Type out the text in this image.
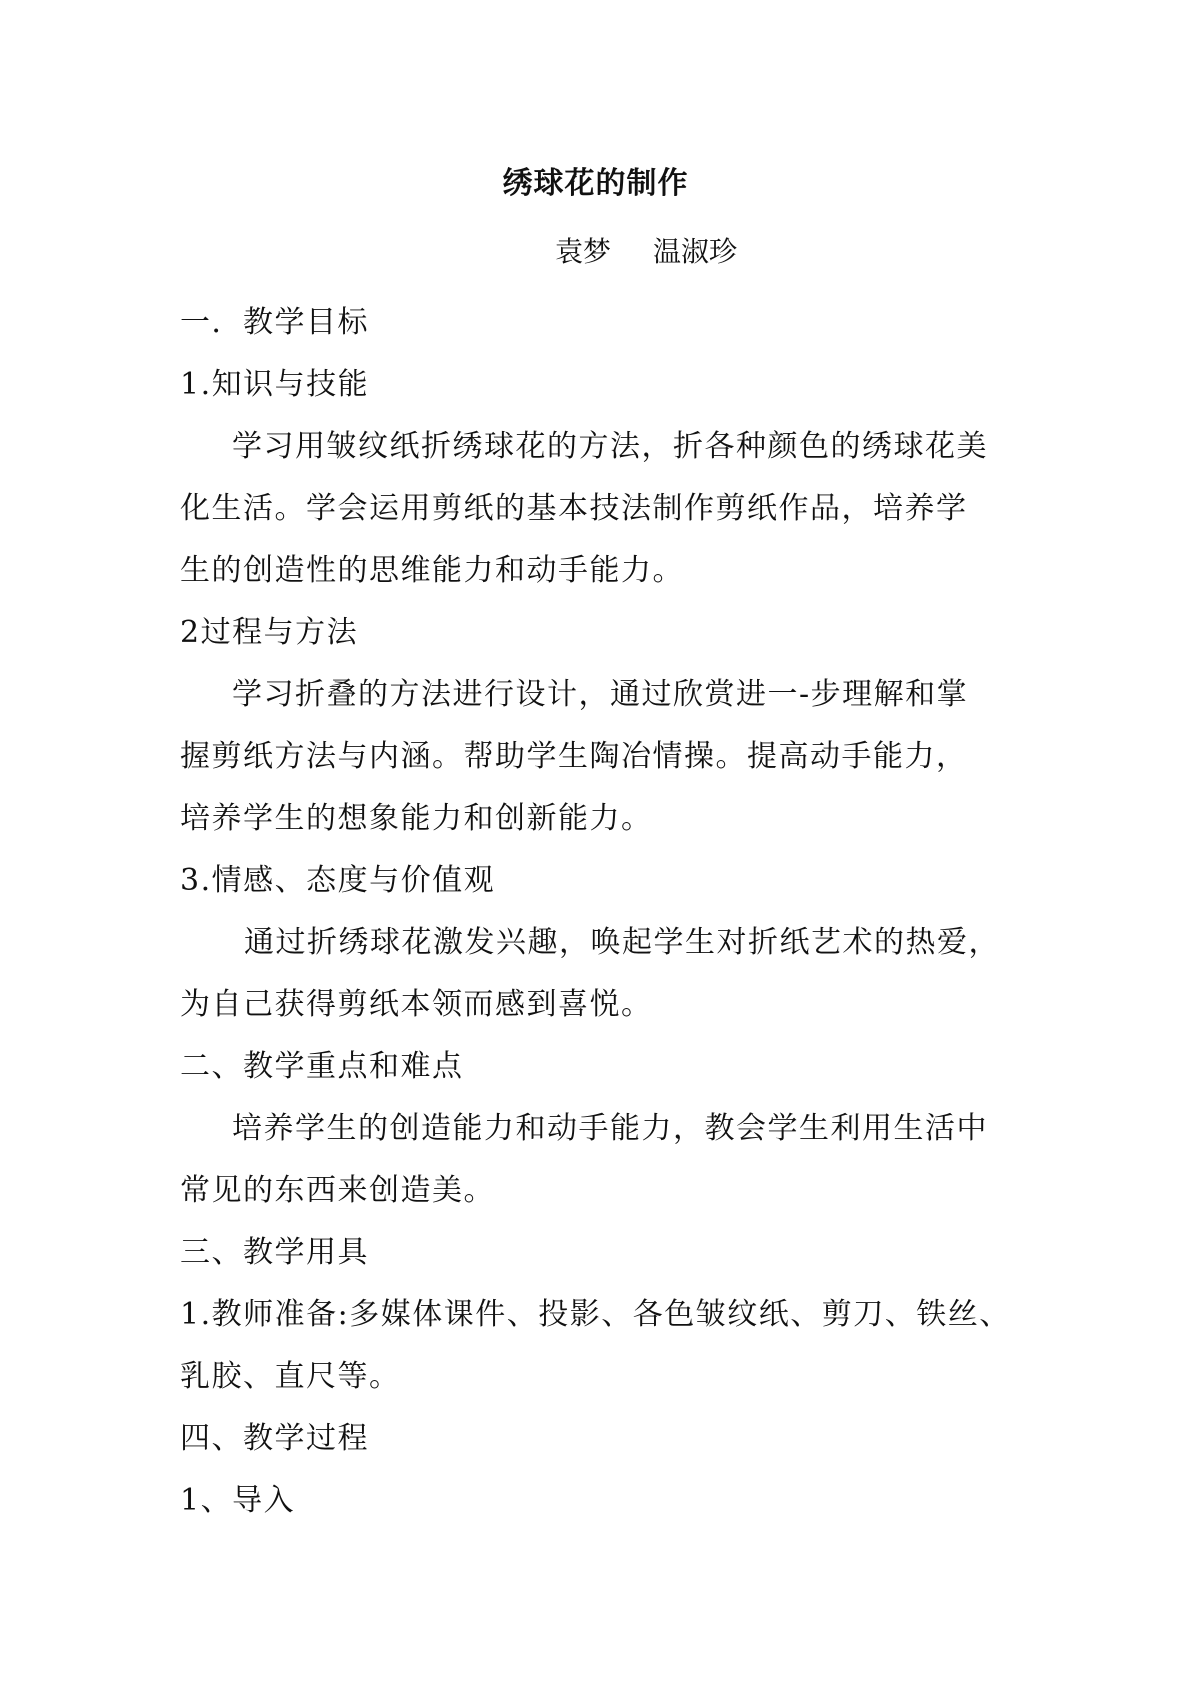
绣球花的制作
袁梦 温淑珍

一．教学目标

1.知识与技能

学习用皱纹纸折绣球花的方法，折各种颜色的绣球花美

化生活。学会运用剪纸的基本技法制作剪纸作品，培养学

生的创造性的思维能力和动手能力。

2过程与方法

学习折叠的方法进行设计，通过欣赏进一-步理解和掌

握剪纸方法与内涵。帮助学生陶冶情操。提高动手能力，

培养学生的想象能力和创新能力。

3.情感、态度与价值观

通过折绣球花激发兴趣，唤起学生对折纸艺术的热爱，

为自己获得剪纸本领而感到喜悦。

二、教学重点和难点

培养学生的创造能力和动手能力，教会学生利用生活中

常见的东西来创造美。

三、教学用具

1.教师准备:多媒体课件、投影、各色皱纹纸、剪刀、铁丝、

乳胶、直尺等。

四、教学过程

1、导入
